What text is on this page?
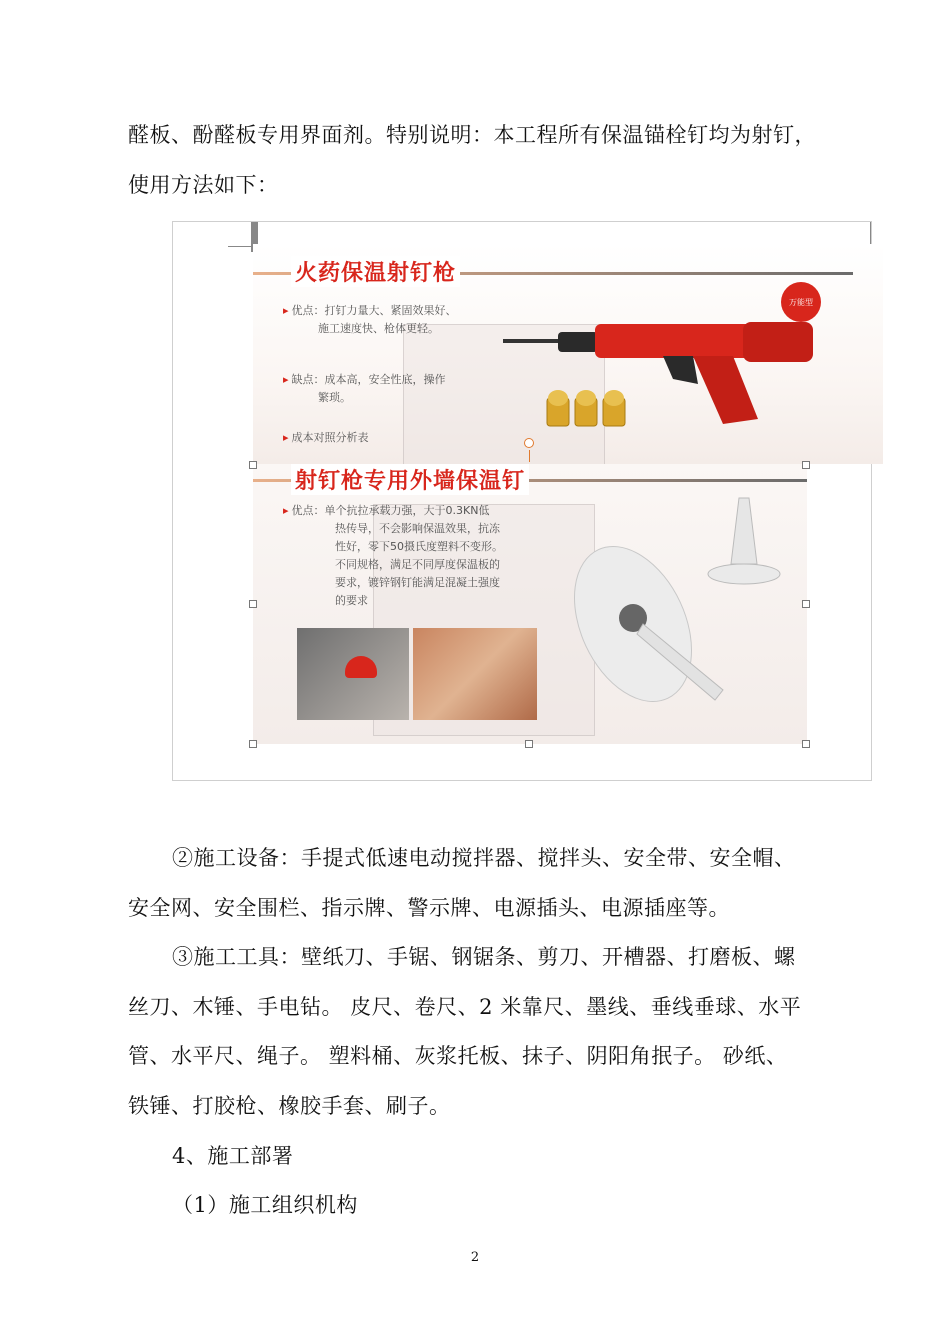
醛板、酚醛板专用界面剂。特别说明：本工程所有保温锚栓钉均为射钉，
使用方法如下：
火药保温射钉枪
万能型
▸ 优点：打钉力量大、紧固效果好、
施工速度快、枪体更轻。
▸ 缺点：成本高，安全性底，操作
繁琐。
▸ 成本对照分析表
射钉枪专用外墙保温钉
▸ 优点：单个抗拉承载力强，大于0.3KN低
热传导，不会影响保温效果，抗冻
性好，零下50摄氏度塑料不变形。
不同规格，满足不同厚度保温板的
要求，镀锌钢钉能满足混凝土强度
的要求
②施工设备：手提式低速电动搅拌器、搅拌头、安全带、安全帽、
安全网、安全围栏、指示牌、警示牌、电源插头、电源插座等。
③施工工具：壁纸刀、手锯、钢锯条、剪刀、开槽器、打磨板、螺
丝刀、木锤、手电钻。 皮尺、卷尺、2 米靠尺、墨线、垂线垂球、水平
管、水平尺、绳子。 塑料桶、灰浆托板、抹子、阴阳角抿子。 砂纸、
铁锤、打胶枪、橡胶手套、刷子。
4、施工部署
（1）施工组织机构
2
